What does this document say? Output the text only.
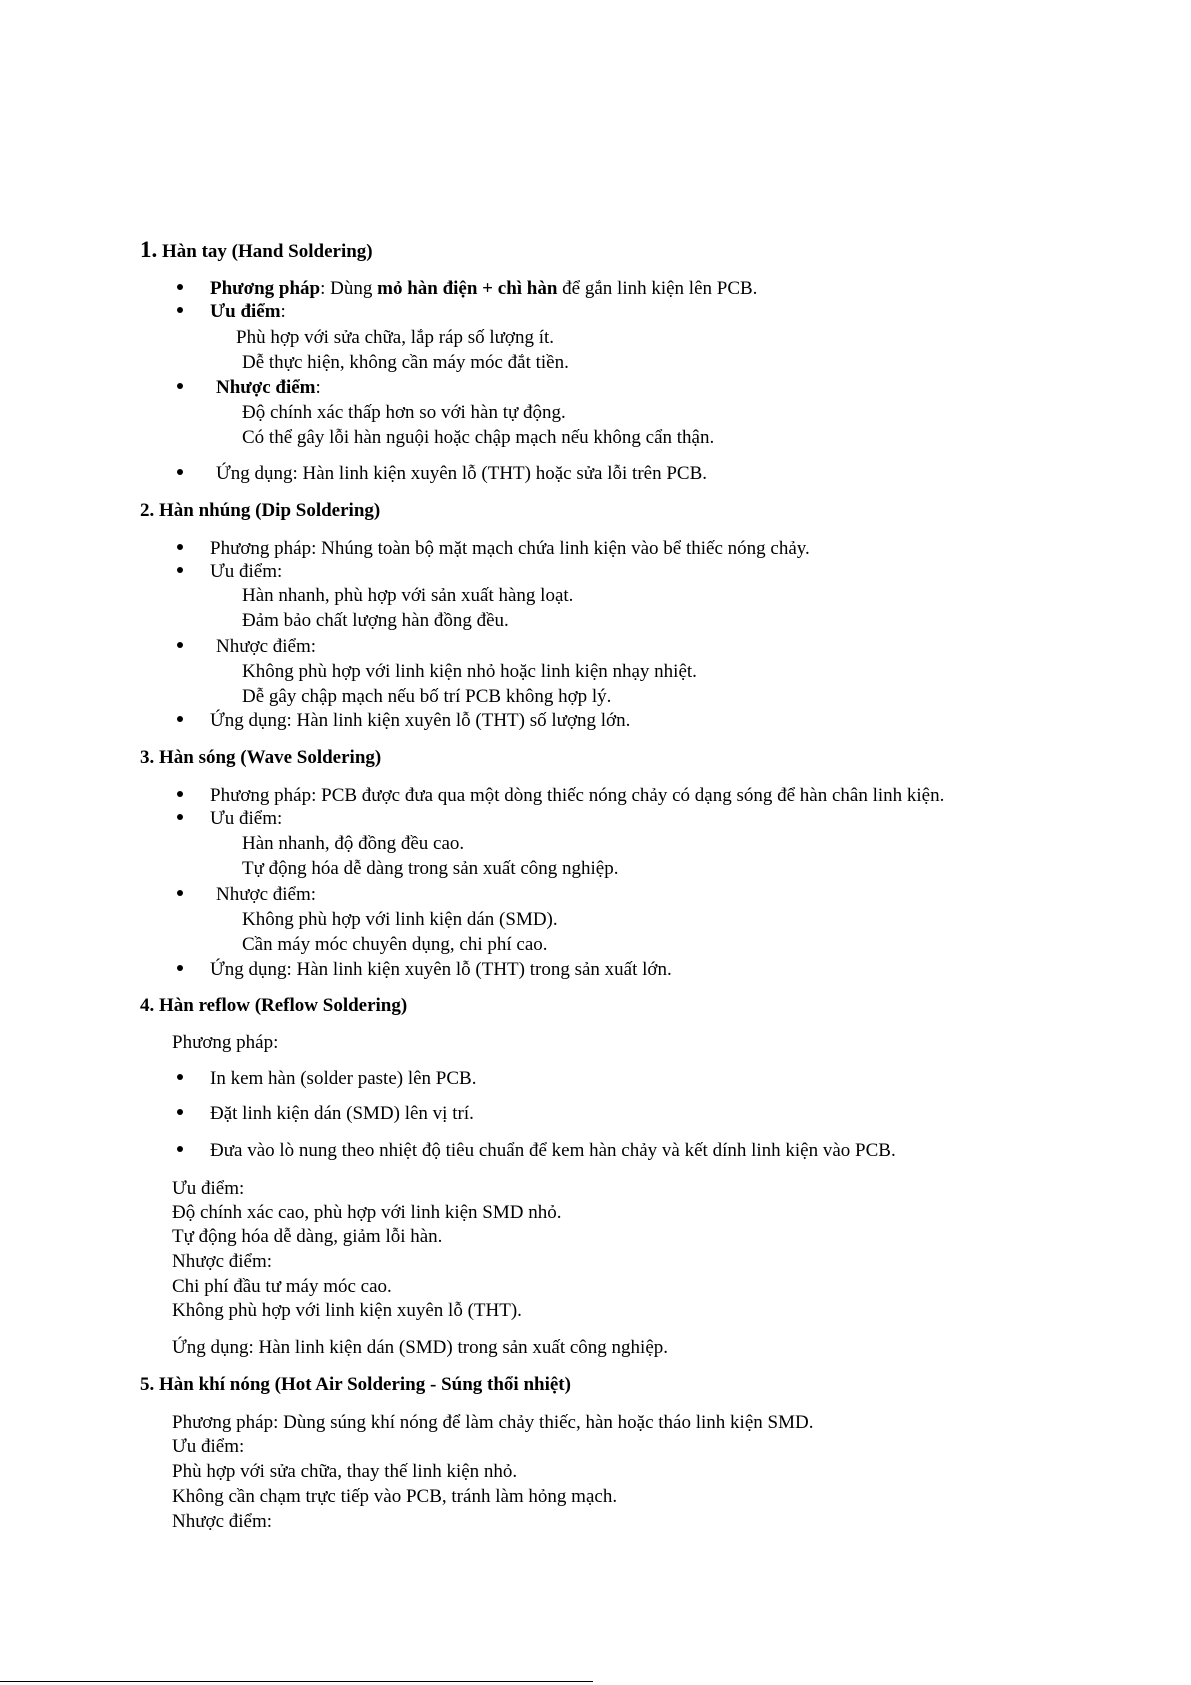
1. Hàn tay (Hand Soldering)
Phương pháp: Dùng mỏ hàn điện + chì hàn để gắn linh kiện lên PCB.
Ưu điểm:
Phù hợp với sửa chữa, lắp ráp số lượng ít.
Dễ thực hiện, không cần máy móc đắt tiền.
Nhược điểm:
Độ chính xác thấp hơn so với hàn tự động.
Có thể gây lỗi hàn nguội hoặc chập mạch nếu không cẩn thận.
Ứng dụng: Hàn linh kiện xuyên lỗ (THT) hoặc sửa lỗi trên PCB.
2. Hàn nhúng (Dip Soldering)
Phương pháp: Nhúng toàn bộ mặt mạch chứa linh kiện vào bể thiếc nóng chảy.
Ưu điểm:
Hàn nhanh, phù hợp với sản xuất hàng loạt.
Đảm bảo chất lượng hàn đồng đều.
Nhược điểm:
Không phù hợp với linh kiện nhỏ hoặc linh kiện nhạy nhiệt.
Dễ gây chập mạch nếu bố trí PCB không hợp lý.
Ứng dụng: Hàn linh kiện xuyên lỗ (THT) số lượng lớn.
3. Hàn sóng (Wave Soldering)
Phương pháp: PCB được đưa qua một dòng thiếc nóng chảy có dạng sóng để hàn chân linh kiện.
Ưu điểm:
Hàn nhanh, độ đồng đều cao.
Tự động hóa dễ dàng trong sản xuất công nghiệp.
Nhược điểm:
Không phù hợp với linh kiện dán (SMD).
Cần máy móc chuyên dụng, chi phí cao.
Ứng dụng: Hàn linh kiện xuyên lỗ (THT) trong sản xuất lớn.
4. Hàn reflow (Reflow Soldering)
Phương pháp:
In kem hàn (solder paste) lên PCB.
Đặt linh kiện dán (SMD) lên vị trí.
Đưa vào lò nung theo nhiệt độ tiêu chuẩn để kem hàn chảy và kết dính linh kiện vào PCB.
Ưu điểm:
Độ chính xác cao, phù hợp với linh kiện SMD nhỏ.
Tự động hóa dễ dàng, giảm lỗi hàn.
Nhược điểm:
Chi phí đầu tư máy móc cao.
Không phù hợp với linh kiện xuyên lỗ (THT).
Ứng dụng: Hàn linh kiện dán (SMD) trong sản xuất công nghiệp.
5. Hàn khí nóng (Hot Air Soldering - Súng thổi nhiệt)
Phương pháp: Dùng súng khí nóng để làm chảy thiếc, hàn hoặc tháo linh kiện SMD.
Ưu điểm:
Phù hợp với sửa chữa, thay thế linh kiện nhỏ.
Không cần chạm trực tiếp vào PCB, tránh làm hỏng mạch.
Nhược điểm:
